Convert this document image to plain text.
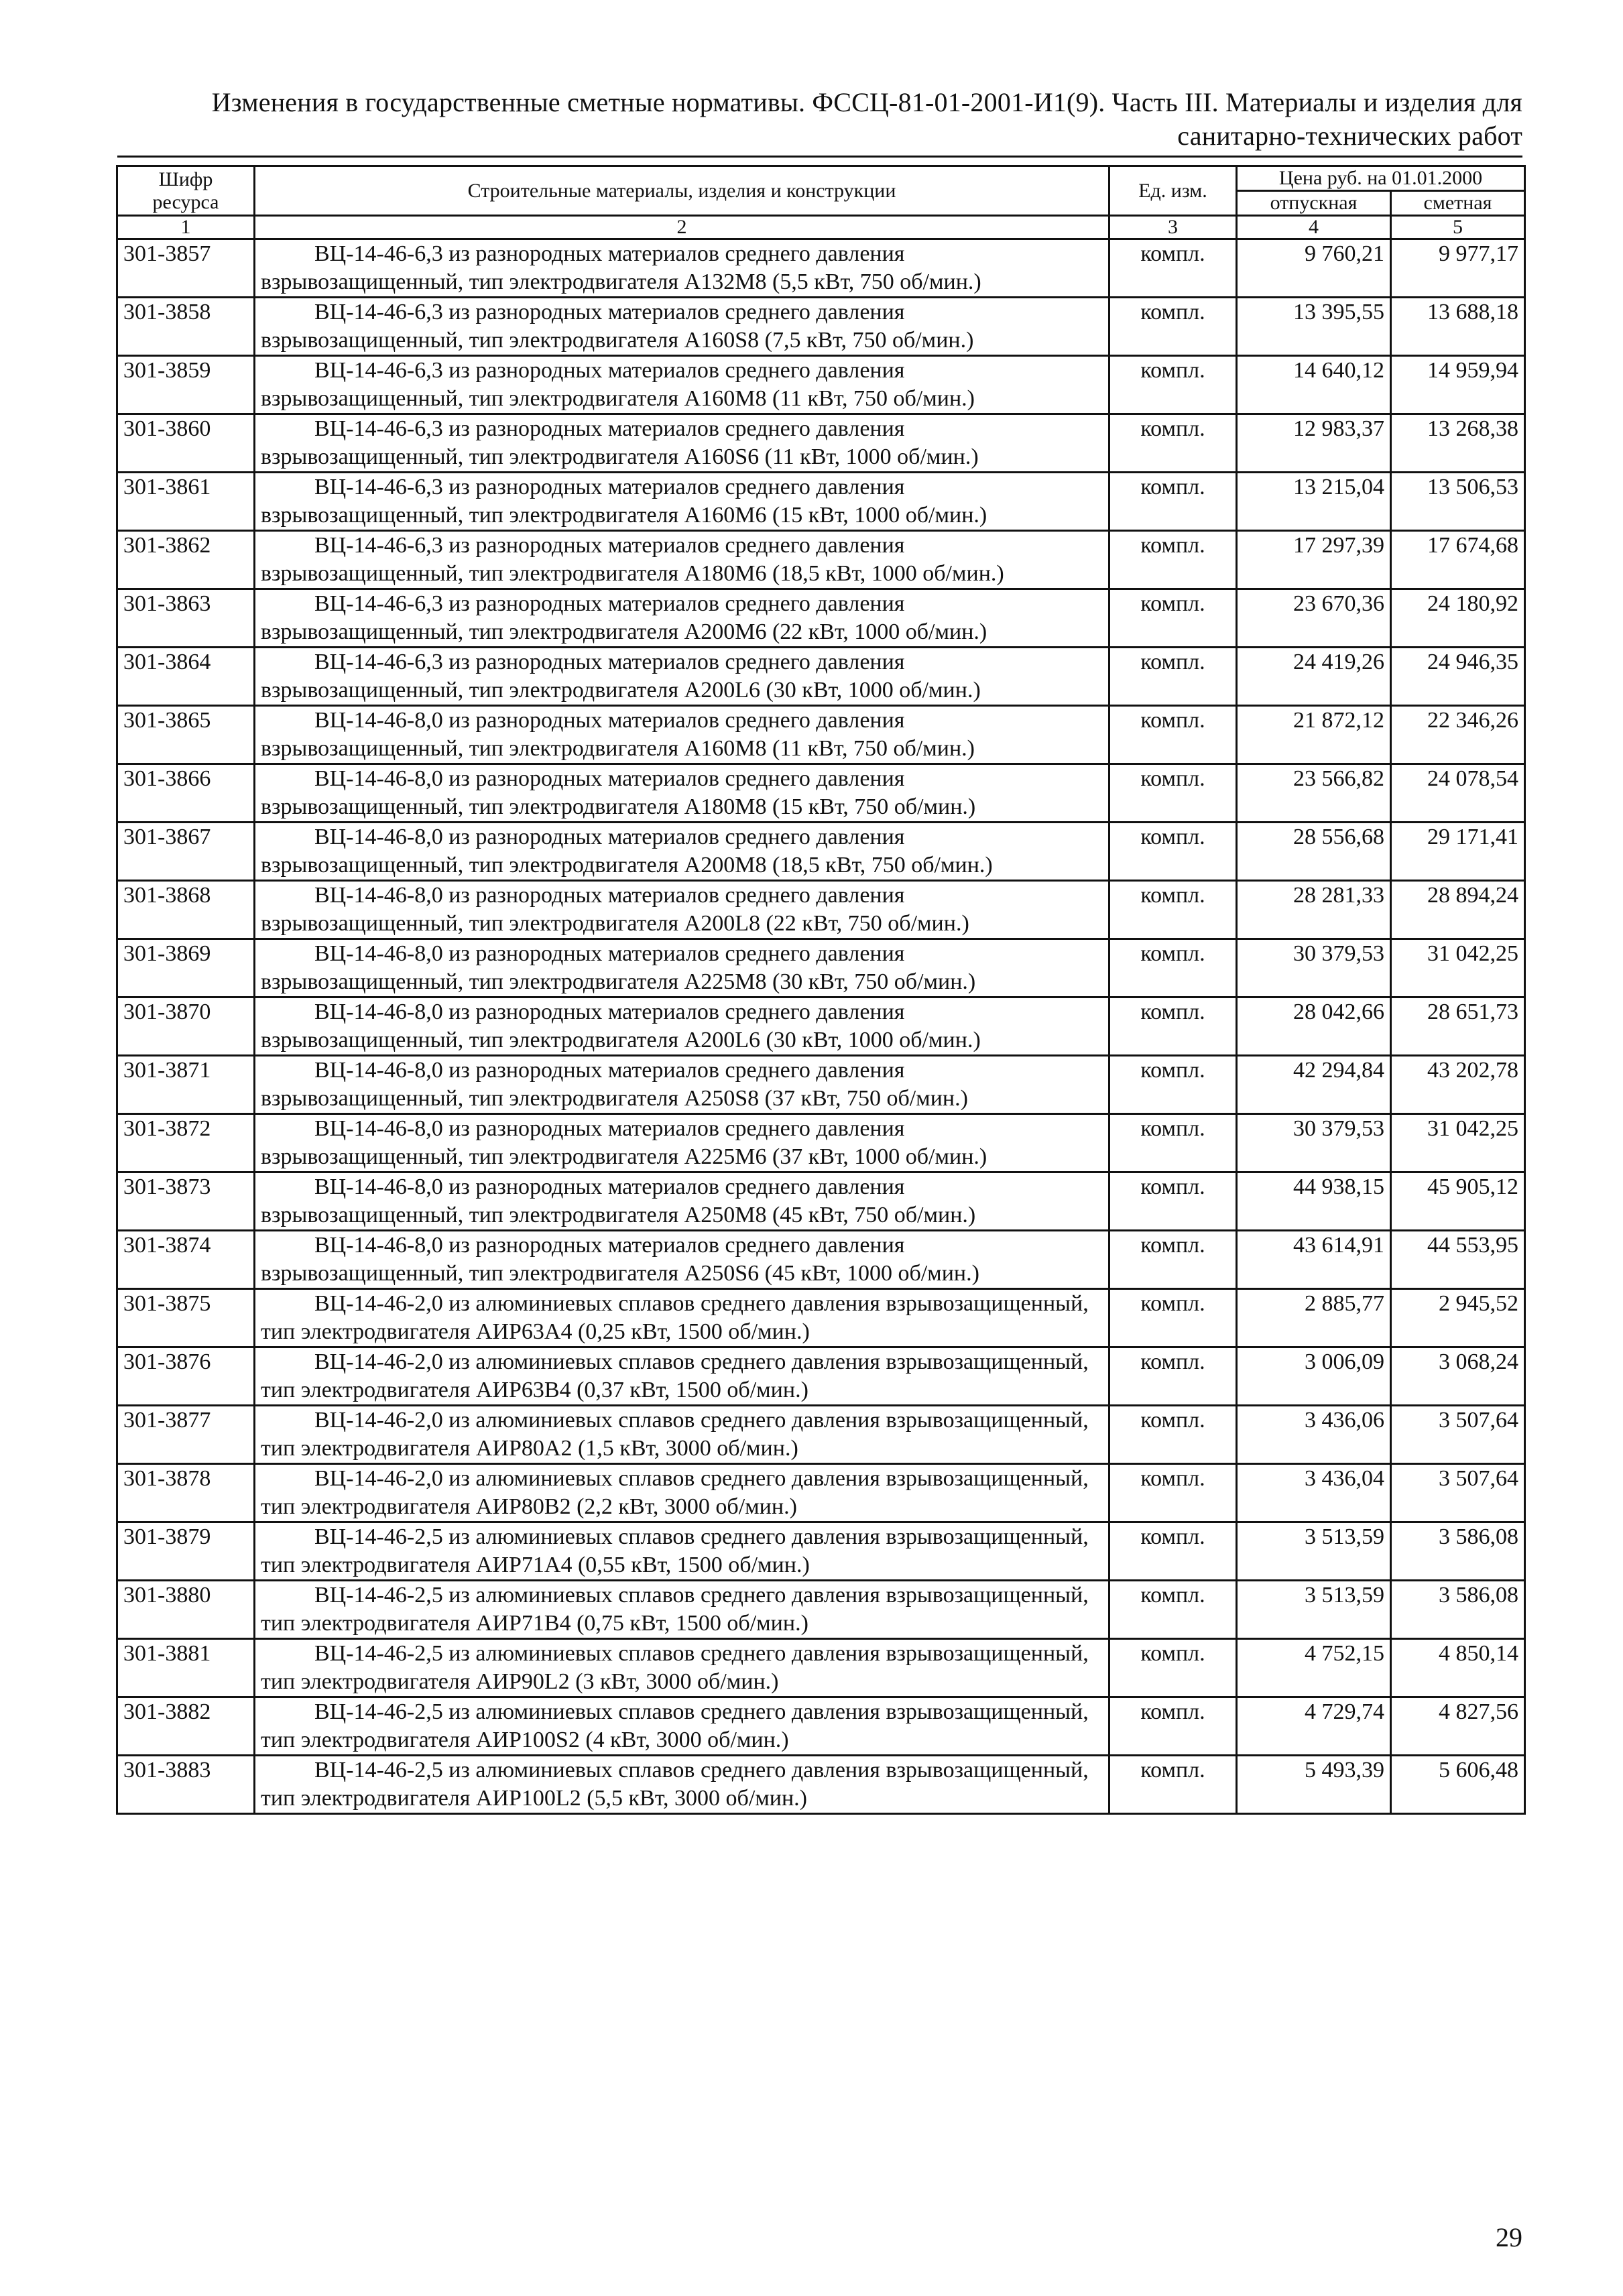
Изменения в государственные сметные нормативы. ФССЦ-81-01-2001-И1(9). Часть III. Материалы и изделия для
санитарно-технических работ
Шифр ресурса	Строительные материалы, изделия и конструкции	Ед. изм.	Цена руб. на 01.01.2000	
			отпускная	сметная
1	2	3	4	5
301-3857	ВЦ-14-46-6,3 из разнородных материалов среднего давления взрывозащищенный, тип электродвигателя А132М8 (5,5 кВт, 750 об/мин.)	компл.	9 760,21	9 977,17
301-3858	ВЦ-14-46-6,3 из разнородных материалов среднего давления взрывозащищенный, тип электродвигателя А160S8 (7,5 кВт, 750 об/мин.)	компл.	13 395,55	13 688,18
301-3859	ВЦ-14-46-6,3 из разнородных материалов среднего давления взрывозащищенный, тип электродвигателя А160М8 (11 кВт, 750 об/мин.)	компл.	14 640,12	14 959,94
301-3860	ВЦ-14-46-6,3 из разнородных материалов среднего давления взрывозащищенный, тип электродвигателя А160S6 (11 кВт, 1000 об/мин.)	компл.	12 983,37	13 268,38
301-3861	ВЦ-14-46-6,3 из разнородных материалов среднего давления взрывозащищенный, тип электродвигателя А160М6 (15 кВт, 1000 об/мин.)	компл.	13 215,04	13 506,53
301-3862	ВЦ-14-46-6,3 из разнородных материалов среднего давления взрывозащищенный, тип электродвигателя А180М6 (18,5 кВт, 1000 об/мин.)	компл.	17 297,39	17 674,68
301-3863	ВЦ-14-46-6,3 из разнородных материалов среднего давления взрывозащищенный, тип электродвигателя А200М6 (22 кВт, 1000 об/мин.)	компл.	23 670,36	24 180,92
301-3864	ВЦ-14-46-6,3 из разнородных материалов среднего давления взрывозащищенный, тип электродвигателя А200L6 (30 кВт, 1000 об/мин.)	компл.	24 419,26	24 946,35
301-3865	ВЦ-14-46-8,0 из разнородных материалов среднего давления взрывозащищенный, тип электродвигателя А160М8 (11 кВт, 750 об/мин.)	компл.	21 872,12	22 346,26
301-3866	ВЦ-14-46-8,0 из разнородных материалов среднего давления взрывозащищенный, тип электродвигателя А180М8 (15 кВт, 750 об/мин.)	компл.	23 566,82	24 078,54
301-3867	ВЦ-14-46-8,0 из разнородных материалов среднего давления взрывозащищенный, тип электродвигателя А200М8 (18,5 кВт, 750 об/мин.)	компл.	28 556,68	29 171,41
301-3868	ВЦ-14-46-8,0 из разнородных материалов среднего давления взрывозащищенный, тип электродвигателя А200L8 (22 кВт, 750 об/мин.)	компл.	28 281,33	28 894,24
301-3869	ВЦ-14-46-8,0 из разнородных материалов среднего давления взрывозащищенный, тип электродвигателя А225М8 (30 кВт, 750 об/мин.)	компл.	30 379,53	31 042,25
301-3870	ВЦ-14-46-8,0 из разнородных материалов среднего давления взрывозащищенный, тип электродвигателя А200L6 (30 кВт, 1000 об/мин.)	компл.	28 042,66	28 651,73
301-3871	ВЦ-14-46-8,0 из разнородных материалов среднего давления взрывозащищенный, тип электродвигателя А250S8 (37 кВт, 750 об/мин.)	компл.	42 294,84	43 202,78
301-3872	ВЦ-14-46-8,0 из разнородных материалов среднего давления взрывозащищенный, тип электродвигателя А225М6 (37 кВт, 1000 об/мин.)	компл.	30 379,53	31 042,25
301-3873	ВЦ-14-46-8,0 из разнородных материалов среднего давления взрывозащищенный, тип электродвигателя А250М8 (45 кВт, 750 об/мин.)	компл.	44 938,15	45 905,12
301-3874	ВЦ-14-46-8,0 из разнородных материалов среднего давления взрывозащищенный, тип электродвигателя А250S6 (45 кВт, 1000 об/мин.)	компл.	43 614,91	44 553,95
301-3875	ВЦ-14-46-2,0 из алюминиевых сплавов среднего давления взрывозащищенный, тип электродвигателя АИР63А4 (0,25 кВт, 1500 об/мин.)	компл.	2 885,77	2 945,52
301-3876	ВЦ-14-46-2,0 из алюминиевых сплавов среднего давления взрывозащищенный, тип электродвигателя АИР63В4 (0,37 кВт, 1500 об/мин.)	компл.	3 006,09	3 068,24
301-3877	ВЦ-14-46-2,0 из алюминиевых сплавов среднего давления взрывозащищенный, тип электродвигателя АИР80А2 (1,5 кВт, 3000 об/мин.)	компл.	3 436,06	3 507,64
301-3878	ВЦ-14-46-2,0 из алюминиевых сплавов среднего давления взрывозащищенный, тип электродвигателя АИР80В2 (2,2 кВт, 3000 об/мин.)	компл.	3 436,04	3 507,64
301-3879	ВЦ-14-46-2,5 из алюминиевых сплавов среднего давления взрывозащищенный, тип электродвигателя АИР71А4 (0,55 кВт, 1500 об/мин.)	компл.	3 513,59	3 586,08
301-3880	ВЦ-14-46-2,5 из алюминиевых сплавов среднего давления взрывозащищенный, тип электродвигателя АИР71В4 (0,75 кВт, 1500 об/мин.)	компл.	3 513,59	3 586,08
301-3881	ВЦ-14-46-2,5 из алюминиевых сплавов среднего давления взрывозащищенный, тип электродвигателя АИР90L2 (3 кВт, 3000 об/мин.)	компл.	4 752,15	4 850,14
301-3882	ВЦ-14-46-2,5 из алюминиевых сплавов среднего давления взрывозащищенный, тип электродвигателя АИР100S2 (4 кВт, 3000 об/мин.)	компл.	4 729,74	4 827,56
301-3883	ВЦ-14-46-2,5 из алюминиевых сплавов среднего давления взрывозащищенный, тип электродвигателя АИР100L2 (5,5 кВт, 3000 об/мин.)	компл.	5 493,39	5 606,48
29
